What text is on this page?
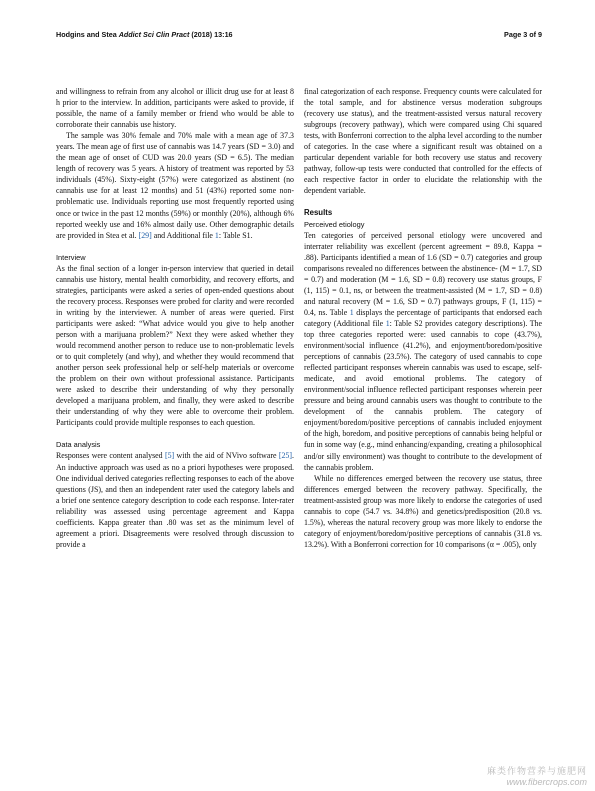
Hodgins and Stea Addict Sci Clin Pract (2018) 13:16	Page 3 of 9

and willingness to refrain from any alcohol or illicit drug use for at least 8 h prior to the interview. In addition, participants were asked to provide, if possible, the name of a family member or friend who would be able to corroborate their cannabis use history.

The sample was 30% female and 70% male with a mean age of 37.3 years. The mean age of first use of cannabis was 14.7 years (SD = 3.0) and the mean age of onset of CUD was 20.0 years (SD = 6.5). The median length of recovery was 5 years. A history of treatment was reported by 53 individuals (45%). Sixty-eight (57%) were categorized as abstinent (no cannabis use for at least 12 months) and 51 (43%) reported some non-problematic use. Individuals reporting use most frequently reported using once or twice in the past 12 months (59%) or monthly (20%), although 6% reported weekly use and 16% almost daily use. Other demographic details are provided in Stea et al. [29] and Additional file 1: Table S1.

Interview

As the final section of a longer in-person interview that queried in detail cannabis use history, mental health comorbidity, and recovery efforts, and strategies, participants were asked a series of open-ended questions about the recovery process. Responses were probed for clarity and were recorded in writing by the interviewer. A number of areas were queried. First participants were asked: “What advice would you give to help another person with a marijuana problem?” Next they were asked whether they would recommend another person to reduce use to non-problematic levels or to quit completely (and why), and whether they would recommend that another person seek professional help or self-help materials or overcome the problem on their own without professional assistance. Participants were asked to describe their understanding of why they personally developed a marijuana problem, and finally, they were asked to describe their understanding of why they were able to overcome their problem. Participants could provide multiple responses to each question.

Data analysis

Responses were content analysed [5] with the aid of NVivo software [25]. An inductive approach was used as no a priori hypotheses were proposed. One individual derived categories reflecting responses to each of the above questions (JS), and then an independent rater used the category labels and a brief one sentence category description to code each response. Inter-rater reliability was assessed using percentage agreement and Kappa coefficients. Kappa greater than .80 was set as the minimum level of agreement a priori. Disagreements were resolved through discussion to provide a

final categorization of each response. Frequency counts were calculated for the total sample, and for abstinence versus moderation subgroups (recovery use status), and the treatment-assisted versus natural recovery subgroups (recovery pathway), which were compared using Chi squared tests, with Bonferroni correction to the alpha level according to the number of categories. In the case where a significant result was obtained on a particular dependent variable for both recovery use status and recovery pathway, follow-up tests were conducted that controlled for the effects of each respective factor in order to elucidate the relationship with the dependent variable.

Results
Perceived etiology

Ten categories of perceived personal etiology were uncovered and interrater reliability was excellent (percent agreement = 89.8, Kappa = .88). Participants identified a mean of 1.6 (SD = 0.7) categories and group comparisons revealed no differences between the abstinence- (M = 1.7, SD = 0.7) and moderation (M = 1.6, SD = 0.8) recovery use status groups, F (1, 115) = 0.1, ns, or between the treatment-assisted (M = 1.7, SD = 0.8) and natural recovery (M = 1.6, SD = 0.7) pathways groups, F (1, 115) = 0.4, ns. Table 1 displays the percentage of participants that endorsed each category (Additional file 1: Table S2 provides category descriptions). The top three categories reported were: used cannabis to cope (43.7%), environment/social influence (41.2%), and enjoyment/boredom/positive perceptions of cannabis (23.5%). The category of used cannabis to cope reflected participant responses wherein cannabis was used to escape, self-medicate, and avoid emotional problems. The category of environment/social influence reflected participant responses wherein peer pressure and being around cannabis users was thought to contribute to the development of the cannabis problem. The category of enjoyment/boredom/positive perceptions of cannabis included enjoyment of the high, boredom, and positive perceptions of cannabis being helpful or fun in some way (e.g., mind enhancing/expanding, creating a philosophical and/or silly environment) was thought to contribute to the development of the cannabis problem.

While no differences emerged between the recovery use status, three differences emerged between the recovery pathway. Specifically, the treatment-assisted group was more likely to endorse the categories of used cannabis to cope (54.7 vs. 34.8%) and genetics/predisposition (20.8 vs. 1.5%), whereas the natural recovery group was more likely to endorse the category of enjoyment/boredom/positive perceptions of cannabis (31.8 vs. 13.2%). With a Bonferroni correction for 10 comparisons (α = .005), only

麻类作物营养与施肥网
www.fibercrops.com
